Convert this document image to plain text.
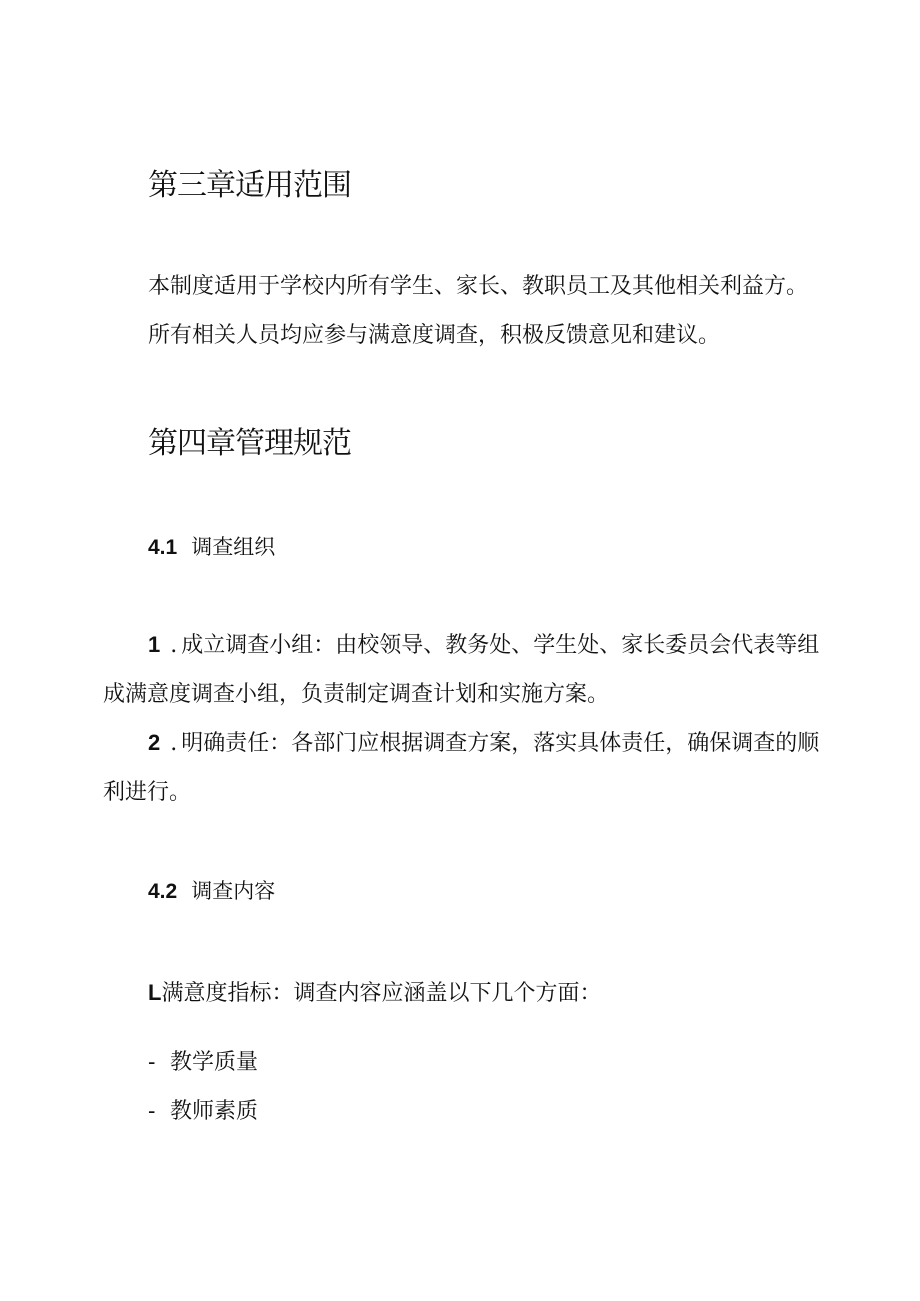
第三章适用范围

本制度适用于学校内所有学生、家长、教职员工及其他相关利益方。所有相关人员均应参与满意度调查，积极反馈意见和建议。

第四章管理规范
4.1 调查组织

1 . 成立调查小组：由校领导、教务处、学生处、家长委员会代表等组成满意度调查小组，负责制定调查计划和实施方案。

2 . 明确责任：各部门应根据调查方案，落实具体责任，确保调查的顺利进行。

4.2 调查内容

L满意度指标：调查内容应涵盖以下几个方面：

- 教学质量
- 教师素质
